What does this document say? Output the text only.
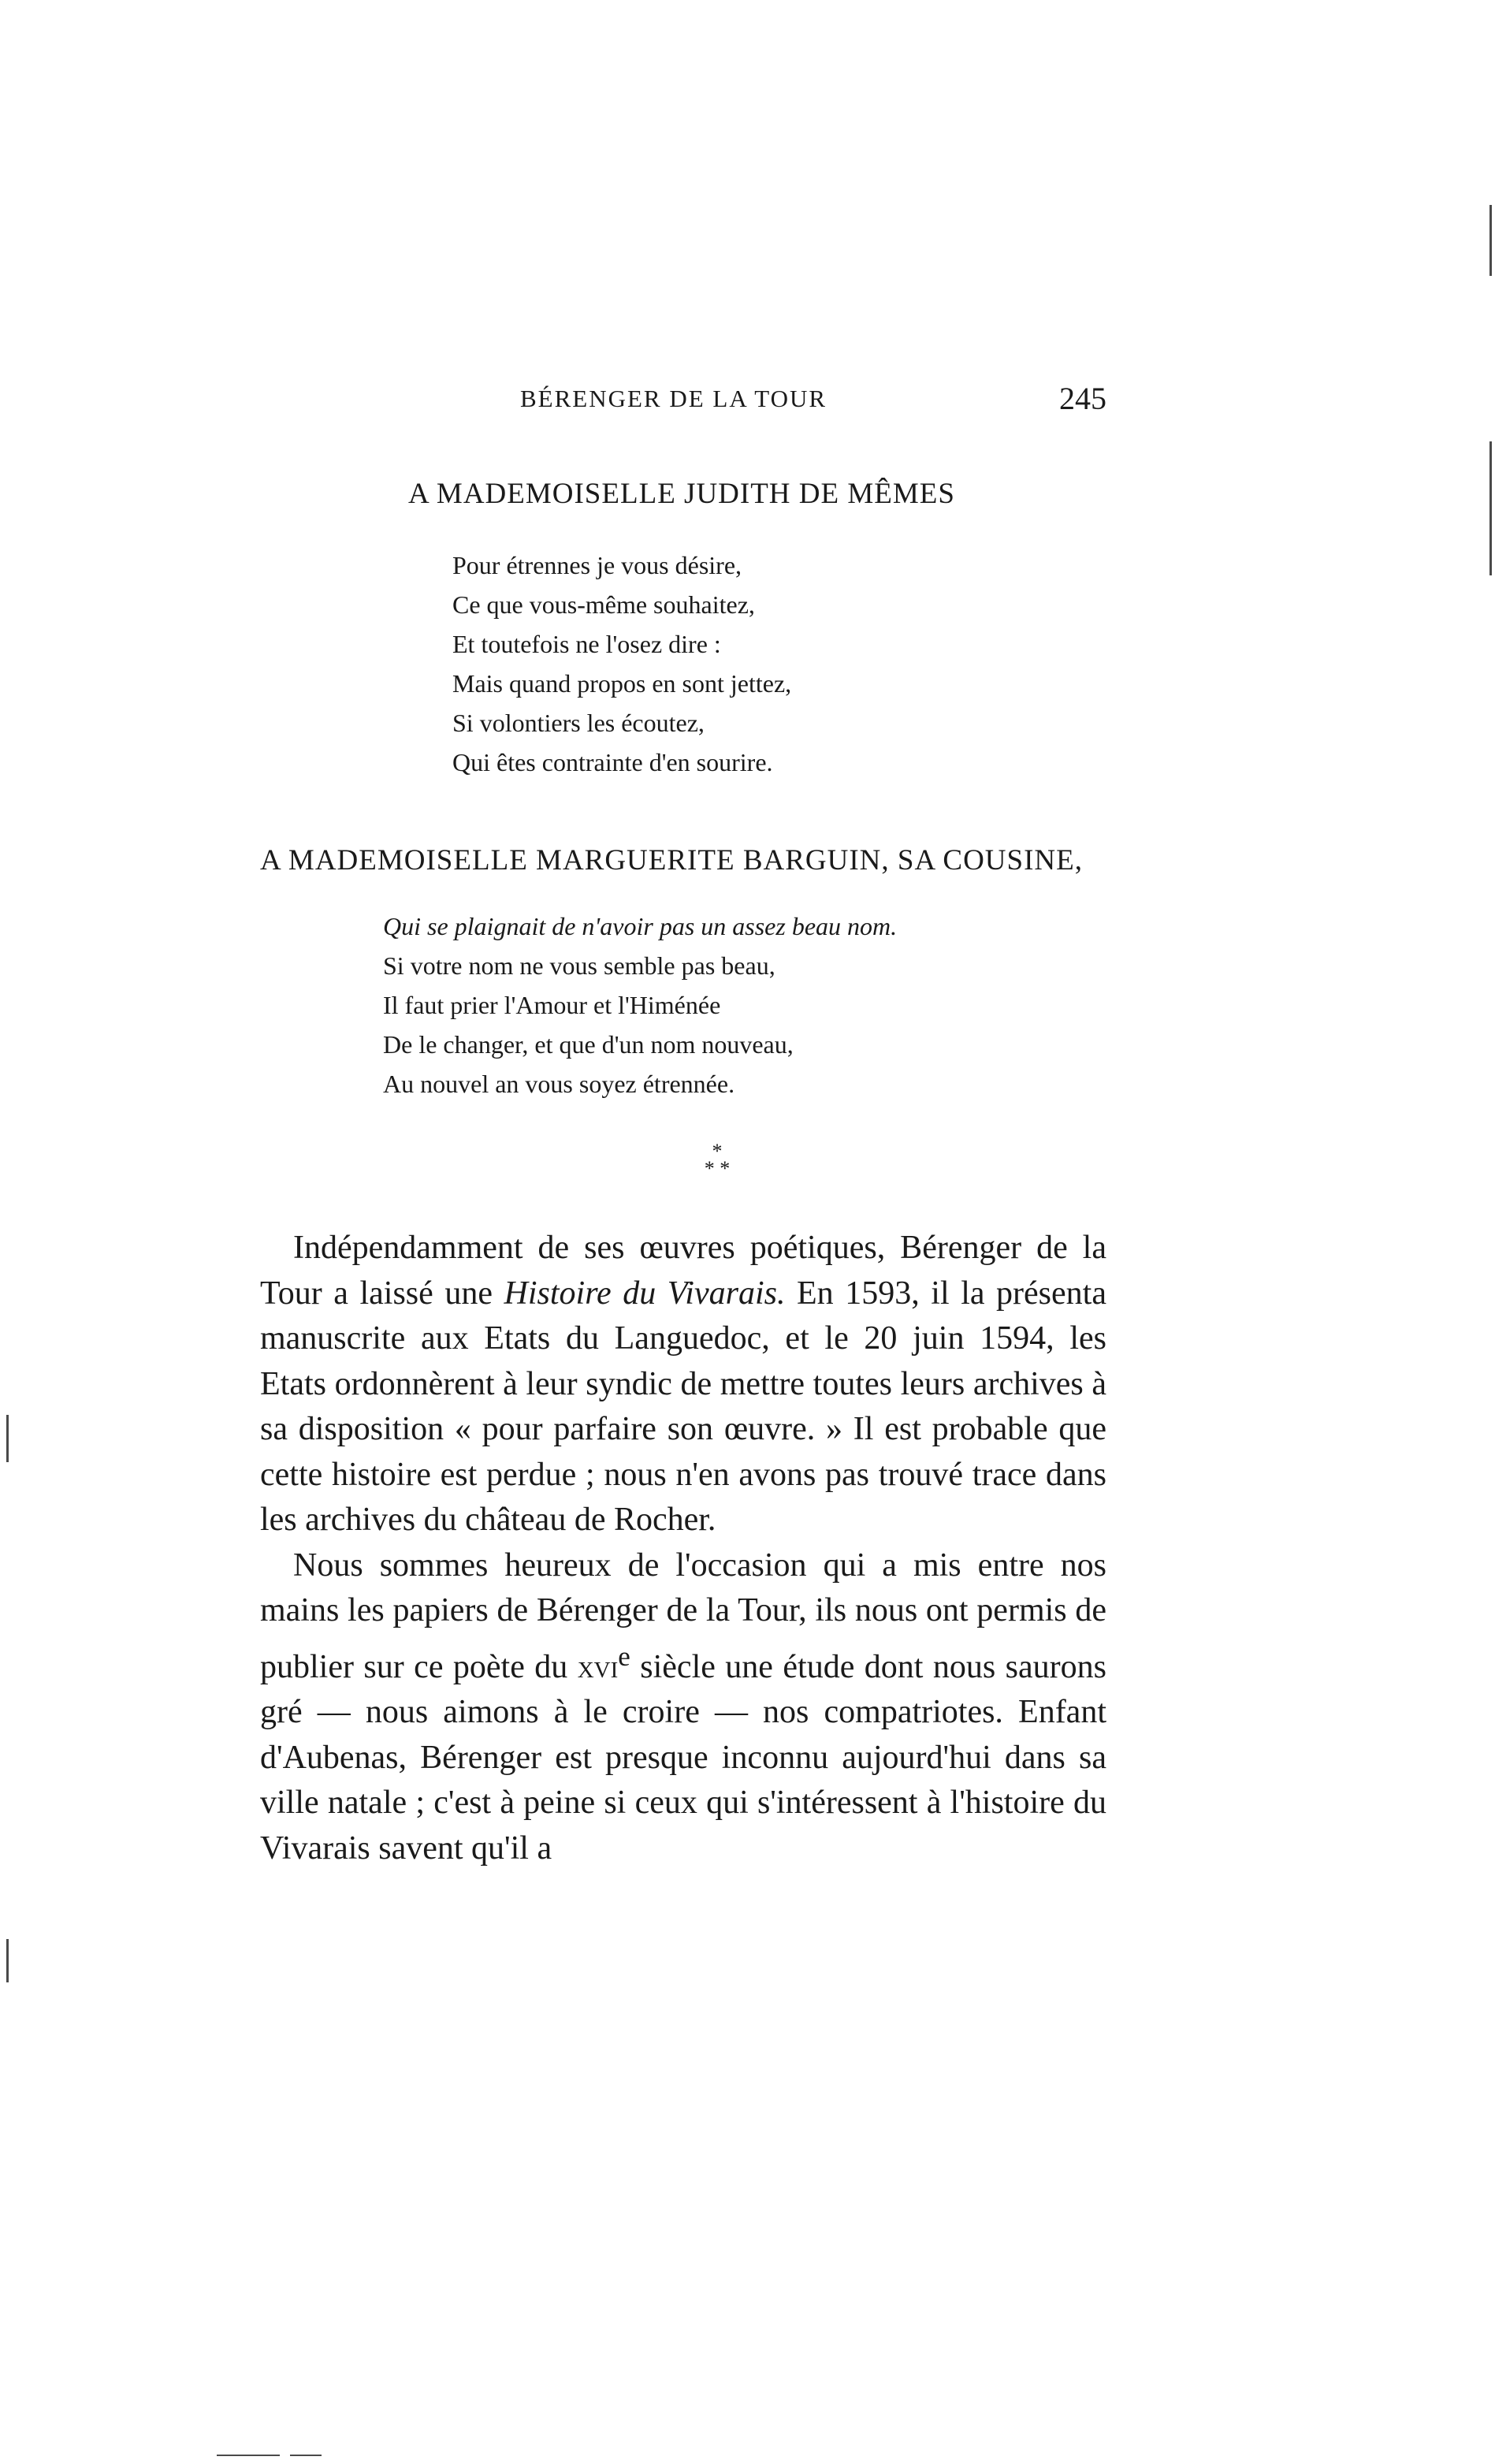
BÉRENGER DE LA TOUR	245
A MADEMOISELLE JUDITH DE MÊMES
Pour étrennes je vous désire,
Ce que vous-même souhaitez,
Et toutefois ne l'osez dire :
Mais quand propos en sont jettez,
Si volontiers les écoutez,
Qui êtes contrainte d'en sourire.
A MADEMOISELLE MARGUERITE BARGUIN, SA COUSINE,
Qui se plaignait de n'avoir pas un assez beau nom.
Si votre nom ne vous semble pas beau,
Il faut prier l'Amour et l'Himénée
De le changer, et que d'un nom nouveau,
Au nouvel an vous soyez étrennée.
*
* *

Indépendamment de ses œuvres poétiques, Bérenger de la Tour a laissé une Histoire du Vivarais. En 1593, il la présenta manuscrite aux Etats du Languedoc, et le 20 juin 1594, les Etats ordonnèrent à leur syndic de mettre toutes leurs archives à sa disposition « pour parfaire son œuvre. » Il est probable que cette histoire est perdue ; nous n'en avons pas trouvé trace dans les archives du château de Rocher.

Nous sommes heureux de l'occasion qui a mis entre nos mains les papiers de Bérenger de la Tour, ils nous ont permis de publier sur ce poète du xvi$^e$ siècle une étude dont nous saurons gré — nous aimons à le croire — nos compatriotes. Enfant d'Aubenas, Bérenger est presque inconnu aujourd'hui dans sa ville natale ; c'est à peine si ceux qui s'intéressent à l'histoire du Vivarais savent qu'il a
